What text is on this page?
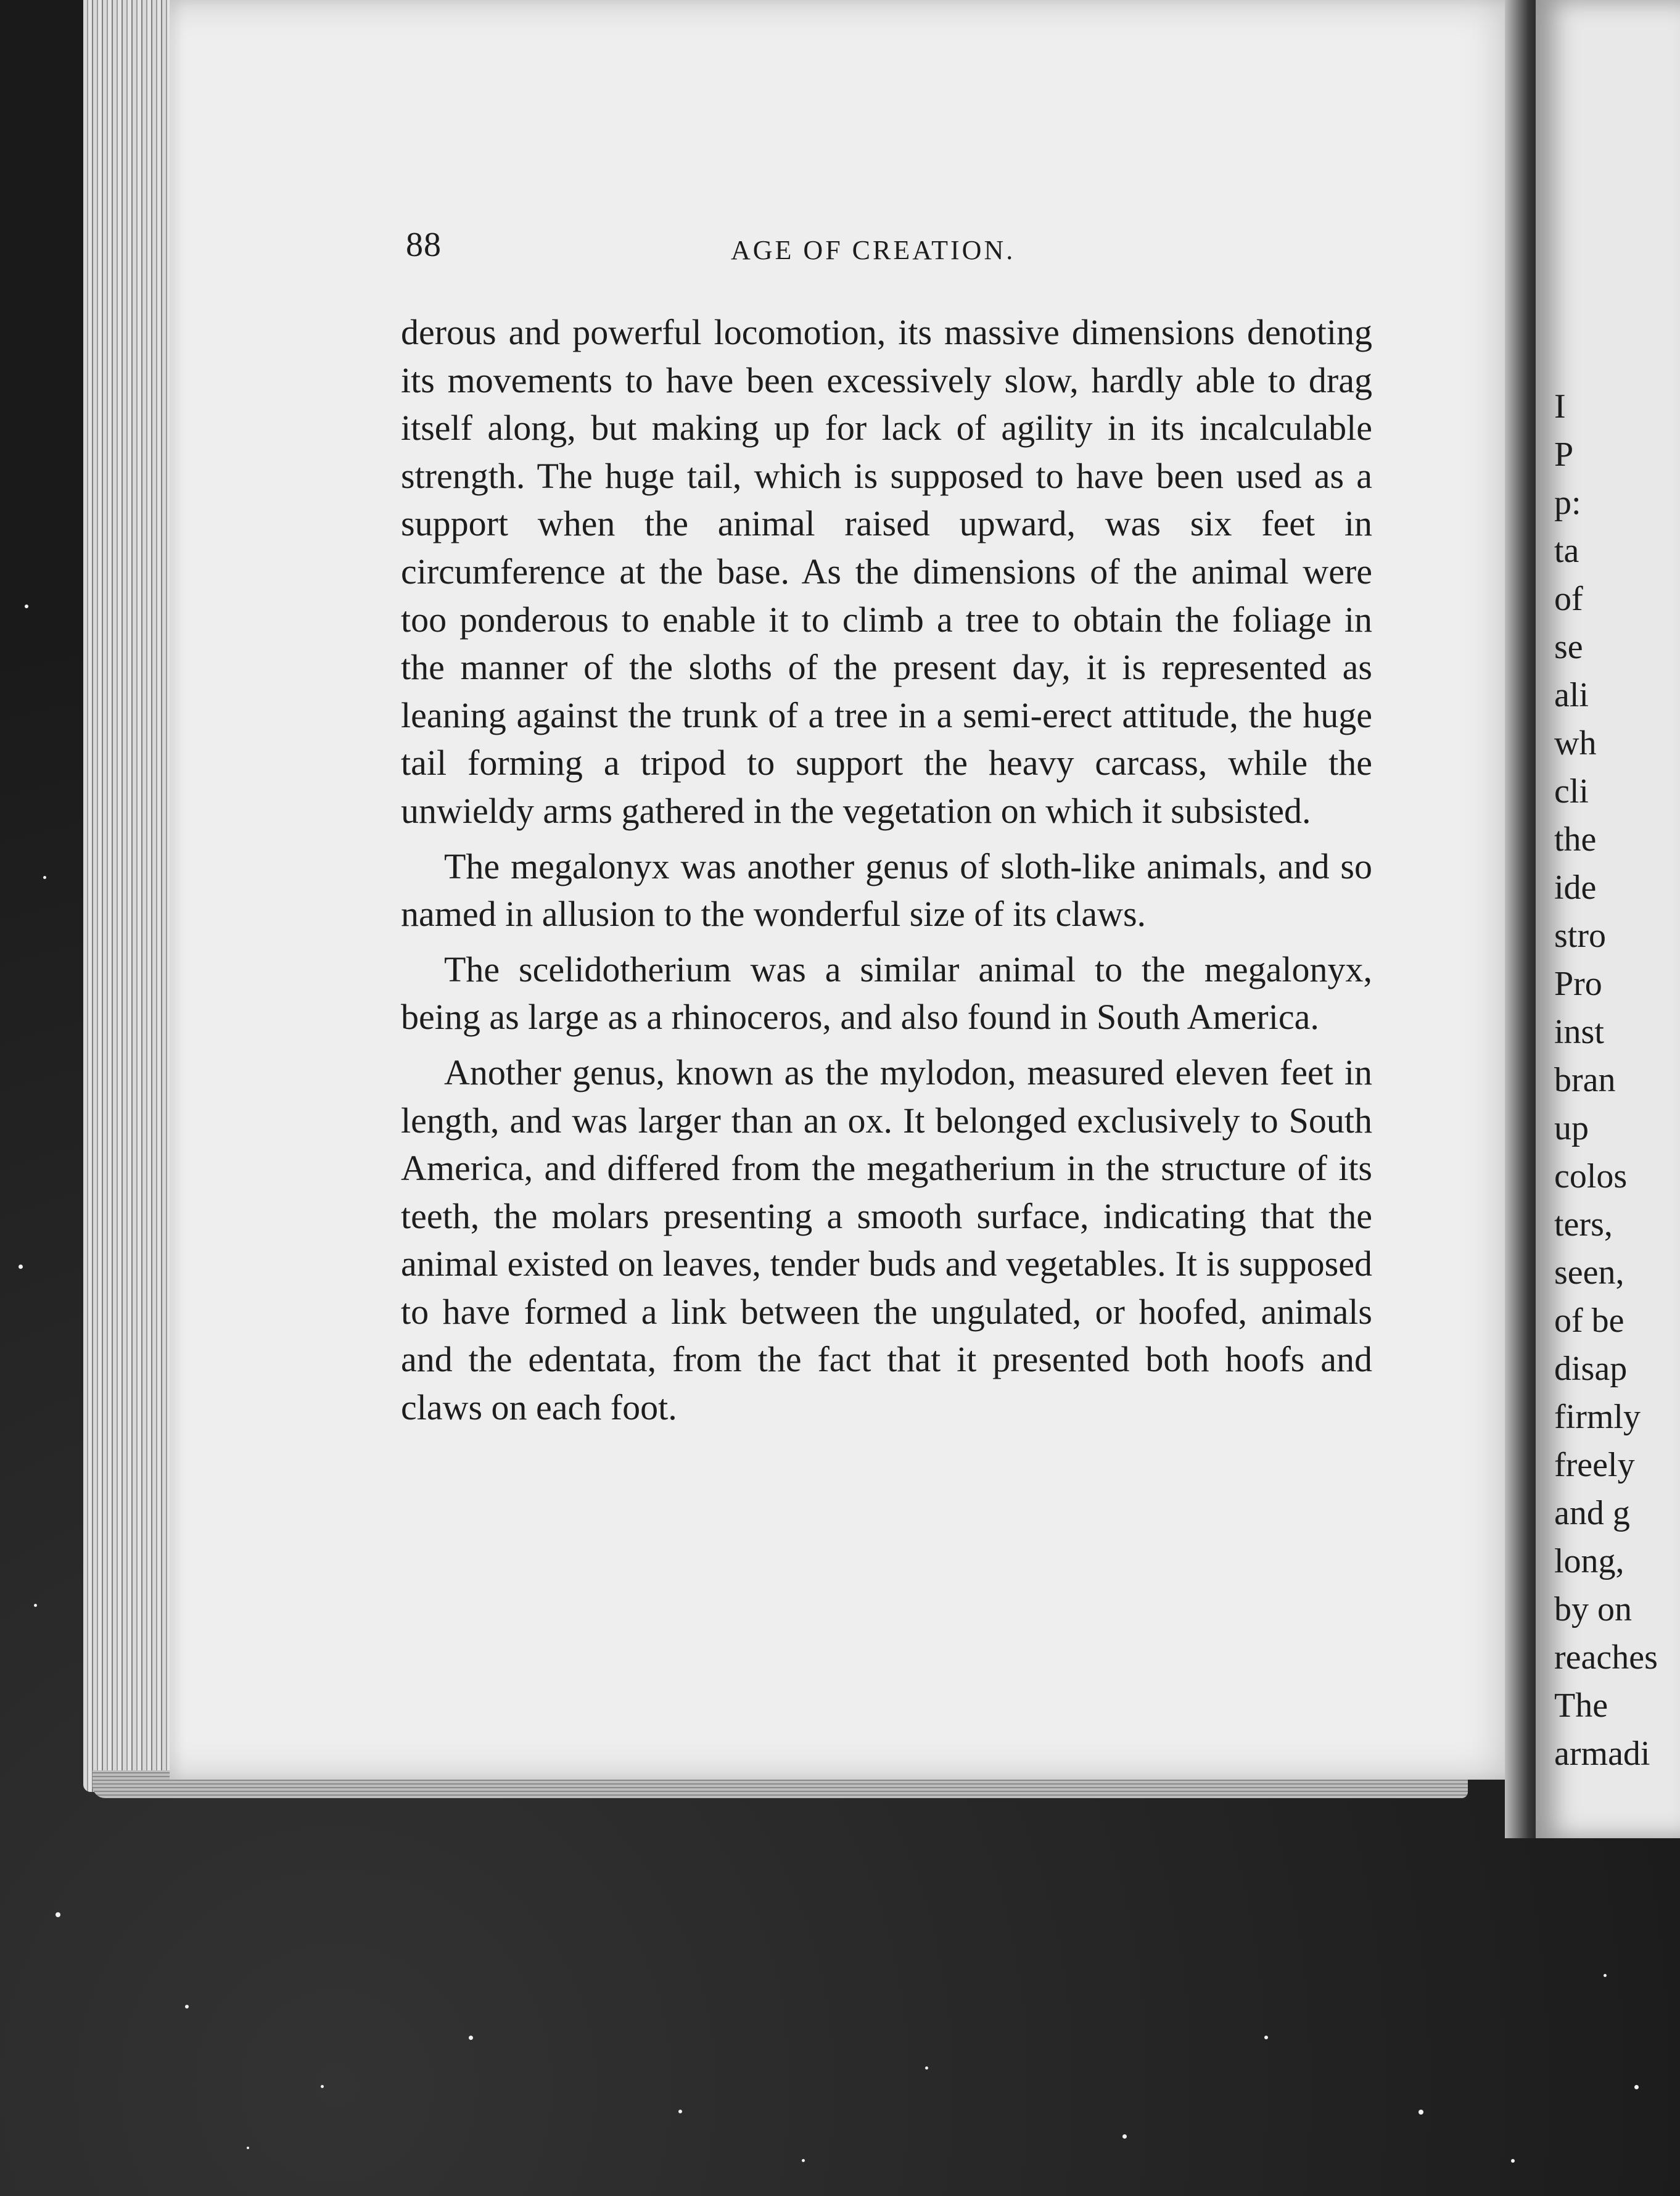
88	AGE OF CREATION.

derous and powerful locomotion, its massive dimensions denoting its movements to have been excessively slow, hardly able to drag itself along, but making up for lack of agility in its incalculable strength. The huge tail, which is supposed to have been used as a support when the animal raised upward, was six feet in circumference at the base. As the dimensions of the animal were too ponderous to enable it to climb a tree to obtain the foliage in the manner of the sloths of the present day, it is represented as leaning against the trunk of a tree in a semi-erect attitude, the huge tail forming a tripod to support the heavy carcass, while the unwieldy arms gathered in the vegetation on which it subsisted.

The megalonyx was another genus of sloth-like animals, and so named in allusion to the wonderful size of its claws.

The scelidotherium was a similar animal to the megalonyx, being as large as a rhinoceros, and also found in South America.

Another genus, known as the mylodon, measured eleven feet in length, and was larger than an ox. It belonged exclusively to South America, and differed from the megatherium in the structure of its teeth, the molars presenting a smooth surface, indicating that the animal existed on leaves, tender buds and vegetables. It is supposed to have formed a link between the ungulated, or hoofed, animals and the edentata, from the fact that it presented both hoofs and claws on each foot.

I
P
p:
ta
of
se
ali
wh
cli
the
ide
stro
Pro
inst
bran
up
colos
ters,
seen,
of be
disap
firmly
freely
and g
long,
by on
reaches
The
armadi
